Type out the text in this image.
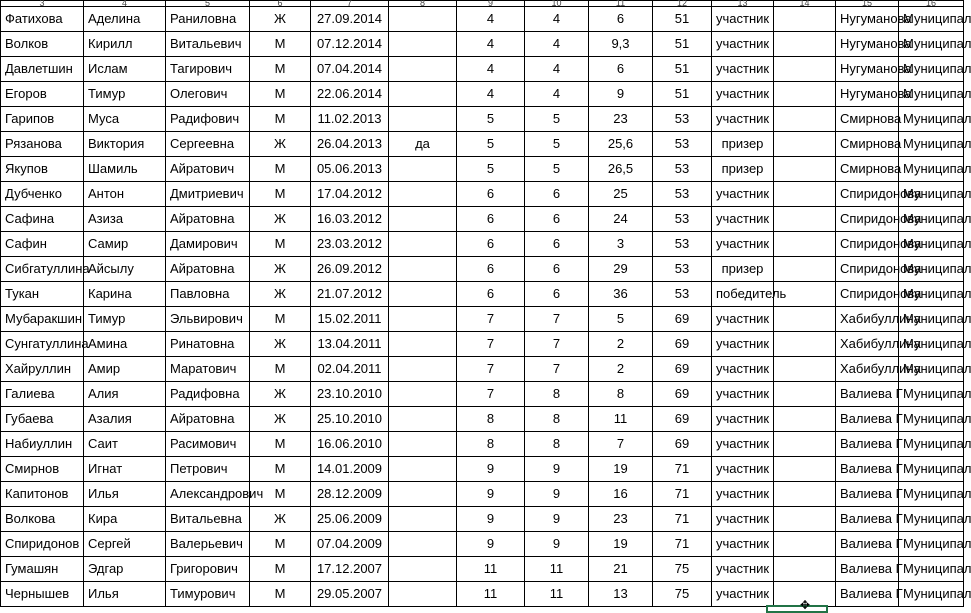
3	4	5	6	7	8	9	10	11	12	13	14	15	16
Фатихова	Аделина	Раниловна	Ж	27.09.2014		4	4	6	51	участник		Нугуманова	Муниципал
Волков	Кирилл	Витальевич	М	07.12.2014		4	4	9,3	51	участник		Нугуманова	Муниципал
Давлетшин	Ислам	Тагирович	М	07.04.2014		4	4	6	51	участник		Нугуманова	Муниципал
Егоров	Тимур	Олегович	М	22.06.2014		4	4	9	51	участник		Нугуманова	Муниципал
Гарипов	Муса	Радифович	М	11.02.2013		5	5	23	53	участник		Смирнова	Муниципал
Рязанова	Виктория	Сергеевна	Ж	26.04.2013	да	5	5	25,6	53	призер		Смирнова	Муниципал
Якупов	Шамиль	Айратович	М	05.06.2013		5	5	26,5	53	призер		Смирнова	Муниципал
Дубченко	Антон	Дмитриевич	М	17.04.2012		6	6	25	53	участник		Спиридонова	Муниципал
Сафина	Азиза	Айратовна	Ж	16.03.2012		6	6	24	53	участник		Спиридонова	Муниципал
Сафин	Самир	Дамирович	М	23.03.2012		6	6	3	53	участник		Спиридонова	Муниципал
Сибгатуллина	Айсылу	Айратовна	Ж	26.09.2012		6	6	29	53	призер		Спиридонова	Муниципал
Тукан	Карина	Павловна	Ж	21.07.2012		6	6	36	53	победитель		Спиридонова	Муниципал
Мубаракшин	Тимур	Эльвирович	М	15.02.2011		7	7	5	69	участник		Хабибуллина	Муниципал
Сунгатуллина	Амина	Ринатовна	Ж	13.04.2011		7	7	2	69	участник		Хабибуллина	Муниципал
Хайруллин	Амир	Маратович	М	02.04.2011		7	7	2	69	участник		Хабибуллина	Муниципал
Галиева	Алия	Радифовна	Ж	23.10.2010		7	8	8	69	участник		Валиева Г	Муниципал
Губаева	Азалия	Айратовна	Ж	25.10.2010		8	8	11	69	участник		Валиева Г	Муниципал
Набиуллин	Саит	Расимович	М	16.06.2010		8	8	7	69	участник		Валиева Г	Муниципал
Смирнов	Игнат	Петрович	М	14.01.2009		9	9	19	71	участник		Валиева Г	Муниципал
Капитонов	Илья	Александрович	М	28.12.2009		9	9	16	71	участник		Валиева Г	Муниципал
Волкова	Кира	Витальевна	Ж	25.06.2009		9	9	23	71	участник		Валиева Г	Муниципал
Спиридонов	Сергей	Валерьевич	М	07.04.2009		9	9	19	71	участник		Валиева Г	Муниципал
Гумашян	Эдгар	Григорович	М	17.12.2007		11	11	21	75	участник		Валиева Г	Муниципал
Чернышев	Илья	Тимурович	М	29.05.2007		11	11	13	75	участник		Валиева Г	Муниципал
✥
